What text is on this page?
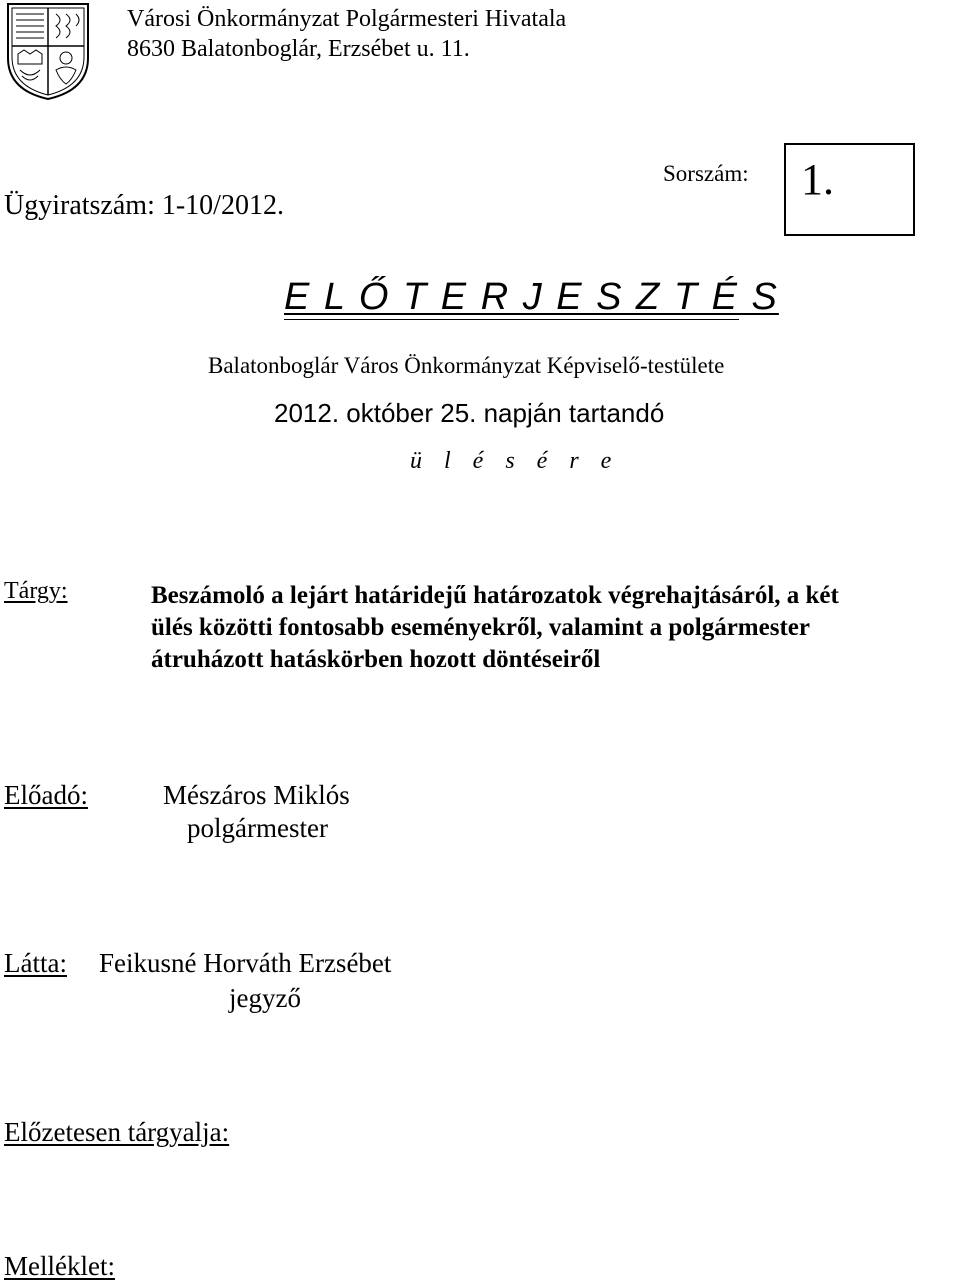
Városi Önkormányzat Polgármesteri Hivatala
8630 Balatonboglár, Erzsébet u. 11.
Ügyiratszám: 1-10/2012.
Sorszám: 1.
E L Ő T E R J E S Z T É S
Balatonboglár Város Önkormányzat Képviselő-testülete
2012. október 25. napján tartandó
ü l é s é r e
Tárgy:	Beszámoló a lejárt határidejű határozatok végrehajtásáról, a két
ülés közötti fontosabb eseményekről, valamint a polgármester
átruházott hatáskörben hozott döntéseiről
Előadó:	Mészáros Miklós
polgármester
Látta: Feikusné Horváth Erzsébet
jegyző
Előzetesen tárgyalja:
Melléklet:
